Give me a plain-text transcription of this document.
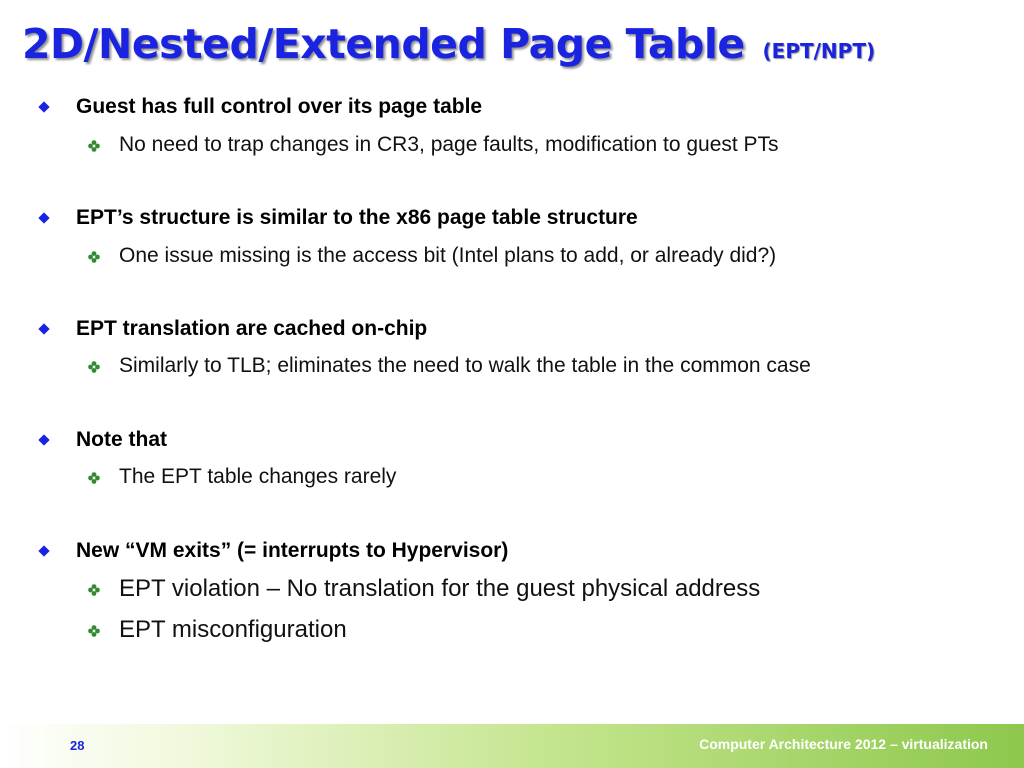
2D/Nested/Extended Page Table (EPT/NPT)
Guest has full control over its page table
No need to trap changes in CR3, page faults, modification to guest PTs
EPT’s structure is similar to the x86 page table structure
One issue missing is the access bit (Intel plans to add, or already did?)
EPT translation are cached on-chip
Similarly to TLB; eliminates the need to walk the table in the common case
Note that
The EPT table changes rarely
New “VM exits” (= interrupts to Hypervisor)
EPT violation – No translation for the guest physical address
EPT misconfiguration
28	Computer Architecture 2012 – virtualization
